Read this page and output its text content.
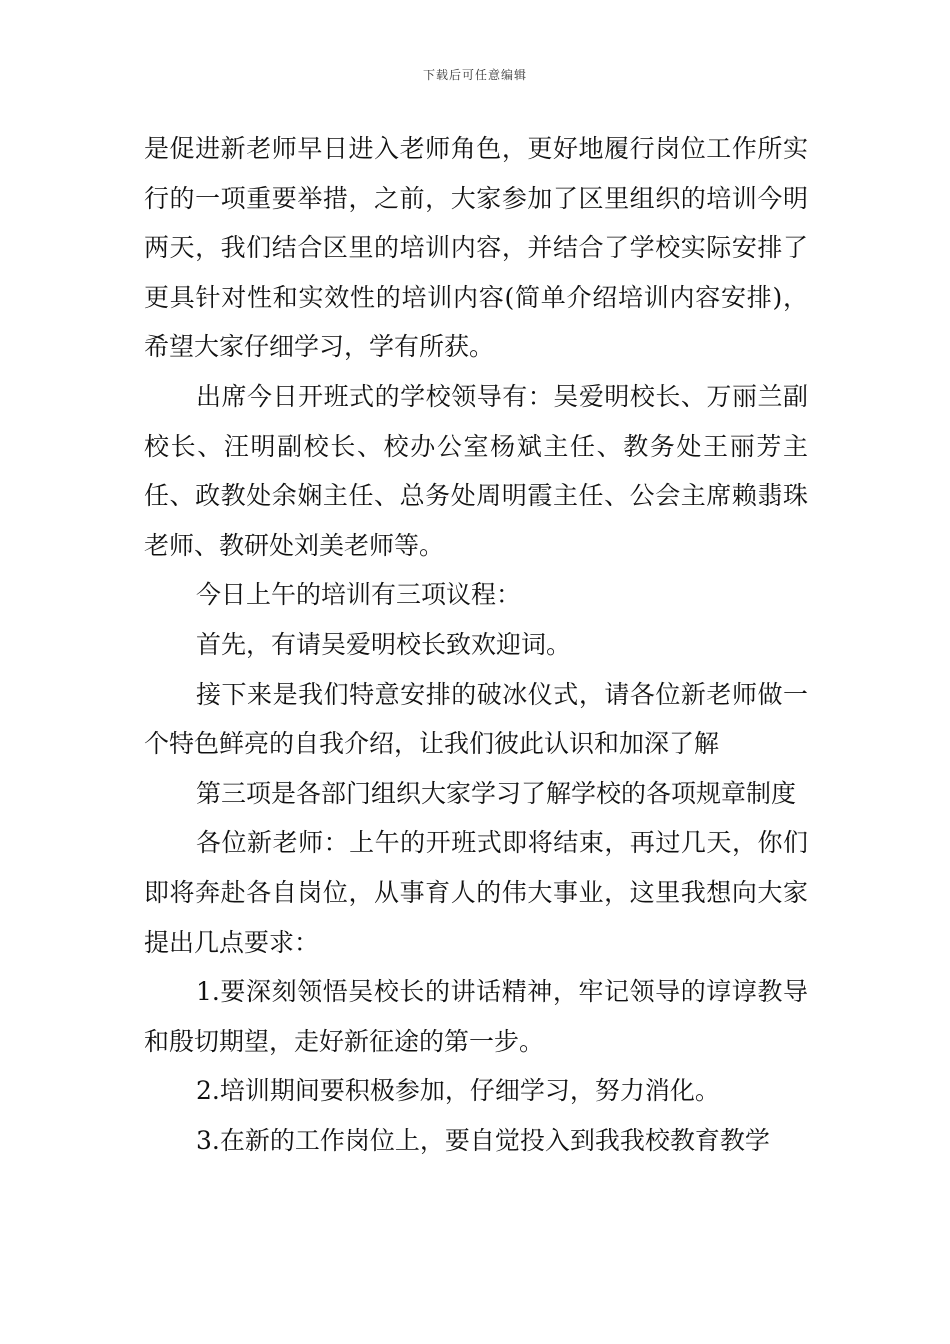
下载后可任意编辑

是促进新老师早日进入老师角色，更好地履行岗位工作所实行的一项重要举措，之前，大家参加了区里组织的培训今明两天，我们结合区里的培训内容，并结合了学校实际安排了更具针对性和实效性的培训内容(简单介绍培训内容安排)，希望大家仔细学习，学有所获。

出席今日开班式的学校领导有：吴爱明校长、万丽兰副校长、汪明副校长、校办公室杨斌主任、教务处王丽芳主任、政教处余娴主任、总务处周明霞主任、公会主席赖翡珠老师、教研处刘美老师等。

今日上午的培训有三项议程：

首先，有请吴爱明校长致欢迎词。

接下来是我们特意安排的破冰仪式，请各位新老师做一个特色鲜亮的自我介绍，让我们彼此认识和加深了解

第三项是各部门组织大家学习了解学校的各项规章制度

各位新老师：上午的开班式即将结束，再过几天，你们即将奔赴各自岗位，从事育人的伟大事业，这里我想向大家提出几点要求：

1.要深刻领悟吴校长的讲话精神，牢记领导的谆谆教导和殷切期望，走好新征途的第一步。

2.培训期间要积极参加，仔细学习，努力消化。

3.在新的工作岗位上，要自觉投入到我我校教育教学
